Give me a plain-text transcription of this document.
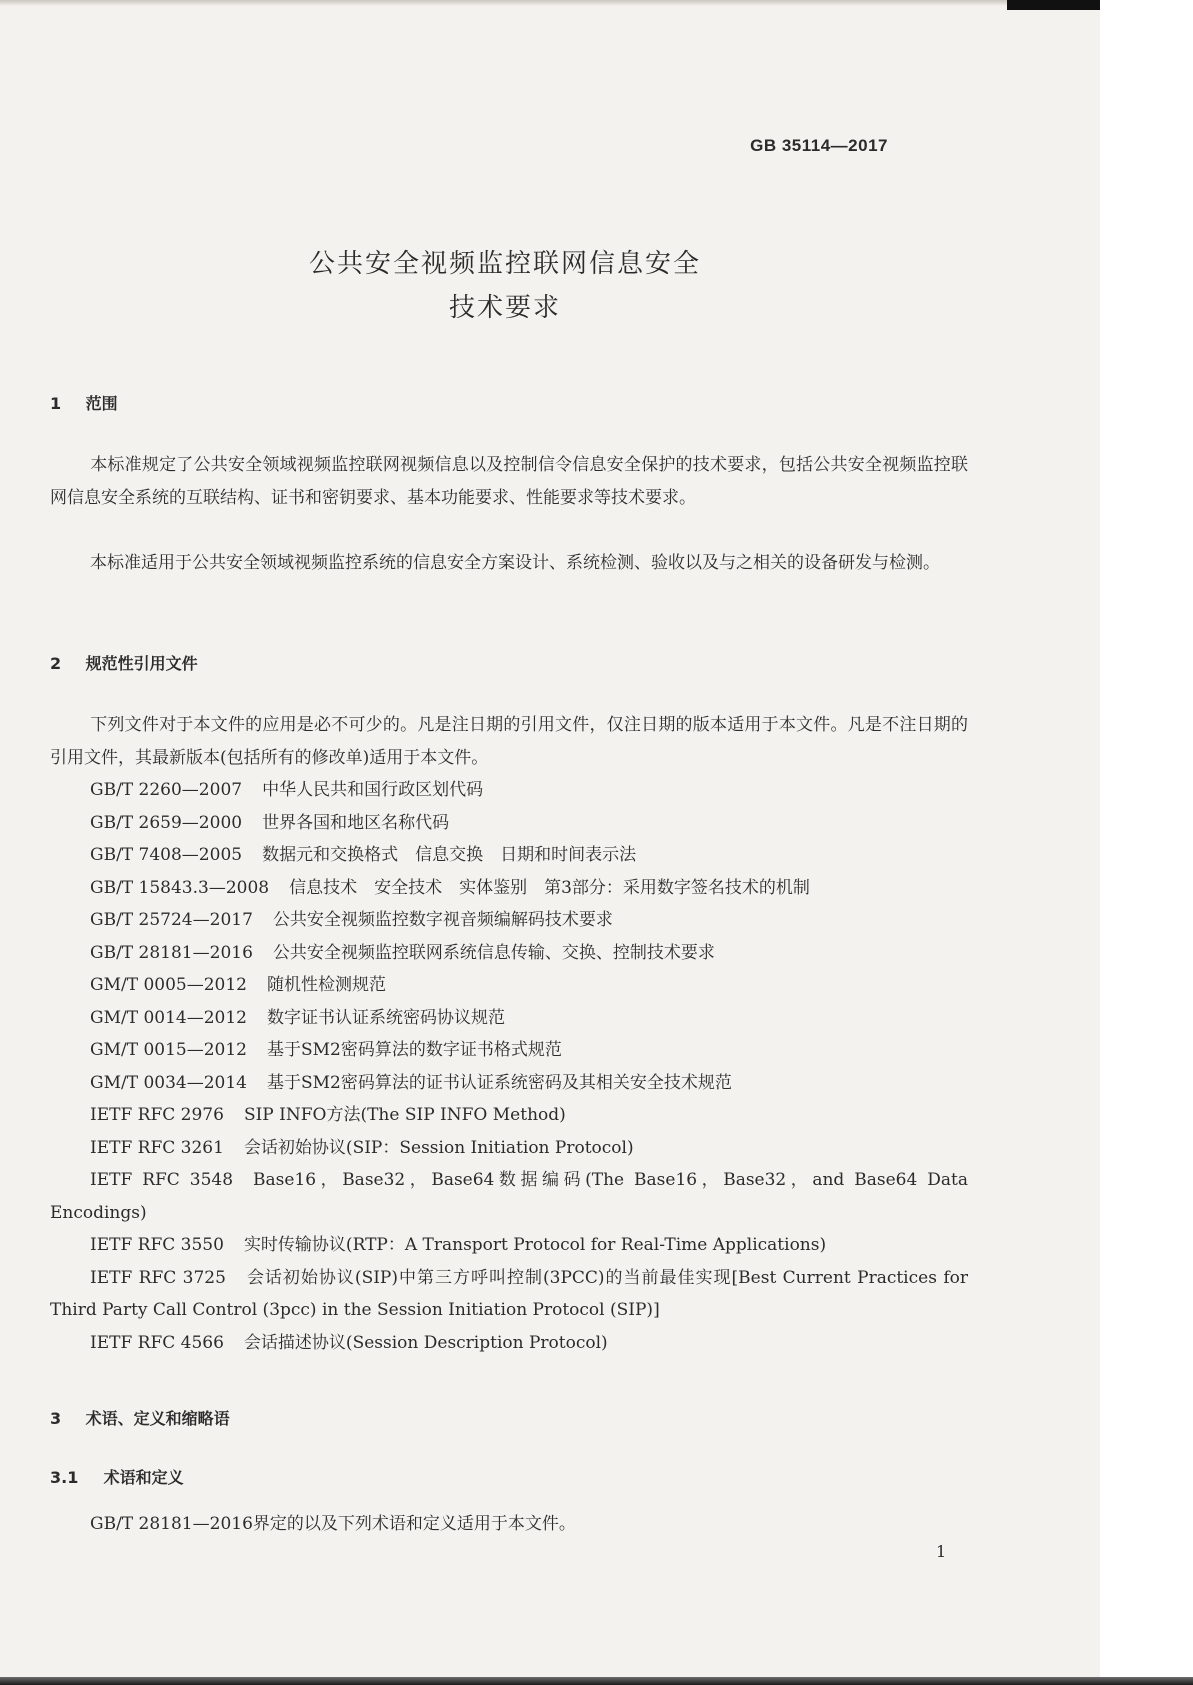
GB 35114—2017
公共安全视频监控联网信息安全
技术要求
1 范围
本标准规定了公共安全领域视频监控联网视频信息以及控制信令信息安全保护的技术要求，包括公共安全视频监控联网信息安全系统的互联结构、证书和密钥要求、基本功能要求、性能要求等技术要求。
本标准适用于公共安全领域视频监控系统的信息安全方案设计、系统检测、验收以及与之相关的设备研发与检测。
2 规范性引用文件
下列文件对于本文件的应用是必不可少的。凡是注日期的引用文件，仅注日期的版本适用于本文件。凡是不注日期的引用文件，其最新版本(包括所有的修改单)适用于本文件。
GB/T 2260—2007 中华人民共和国行政区划代码
GB/T 2659—2000 世界各国和地区名称代码
GB/T 7408—2005 数据元和交换格式　信息交换　日期和时间表示法
GB/T 15843.3—2008 信息技术　安全技术　实体鉴别　第3部分：采用数字签名技术的机制
GB/T 25724—2017 公共安全视频监控数字视音频编解码技术要求
GB/T 28181—2016 公共安全视频监控联网系统信息传输、交换、控制技术要求
GM/T 0005—2012 随机性检测规范
GM/T 0014—2012 数字证书认证系统密码协议规范
GM/T 0015—2012 基于SM2密码算法的数字证书格式规范
GM/T 0034—2014 基于SM2密码算法的证书认证系统密码及其相关安全技术规范
IETF RFC 2976 SIP INFO方法(The SIP INFO Method)
IETF RFC 3261 会话初始协议(SIP：Session Initiation Protocol)
IETF RFC 3548 Base16，Base32，Base64数据编码(The Base16，Base32，and Base64 Data Encodings)
IETF RFC 3550 实时传输协议(RTP：A Transport Protocol for Real-Time Applications)
IETF RFC 3725 会话初始协议(SIP)中第三方呼叫控制(3PCC)的当前最佳实现[Best Current Practices for Third Party Call Control (3pcc) in the Session Initiation Protocol (SIP)]
IETF RFC 4566 会话描述协议(Session Description Protocol)
3 术语、定义和缩略语
3.1 术语和定义
GB/T 28181—2016界定的以及下列术语和定义适用于本文件。
1
